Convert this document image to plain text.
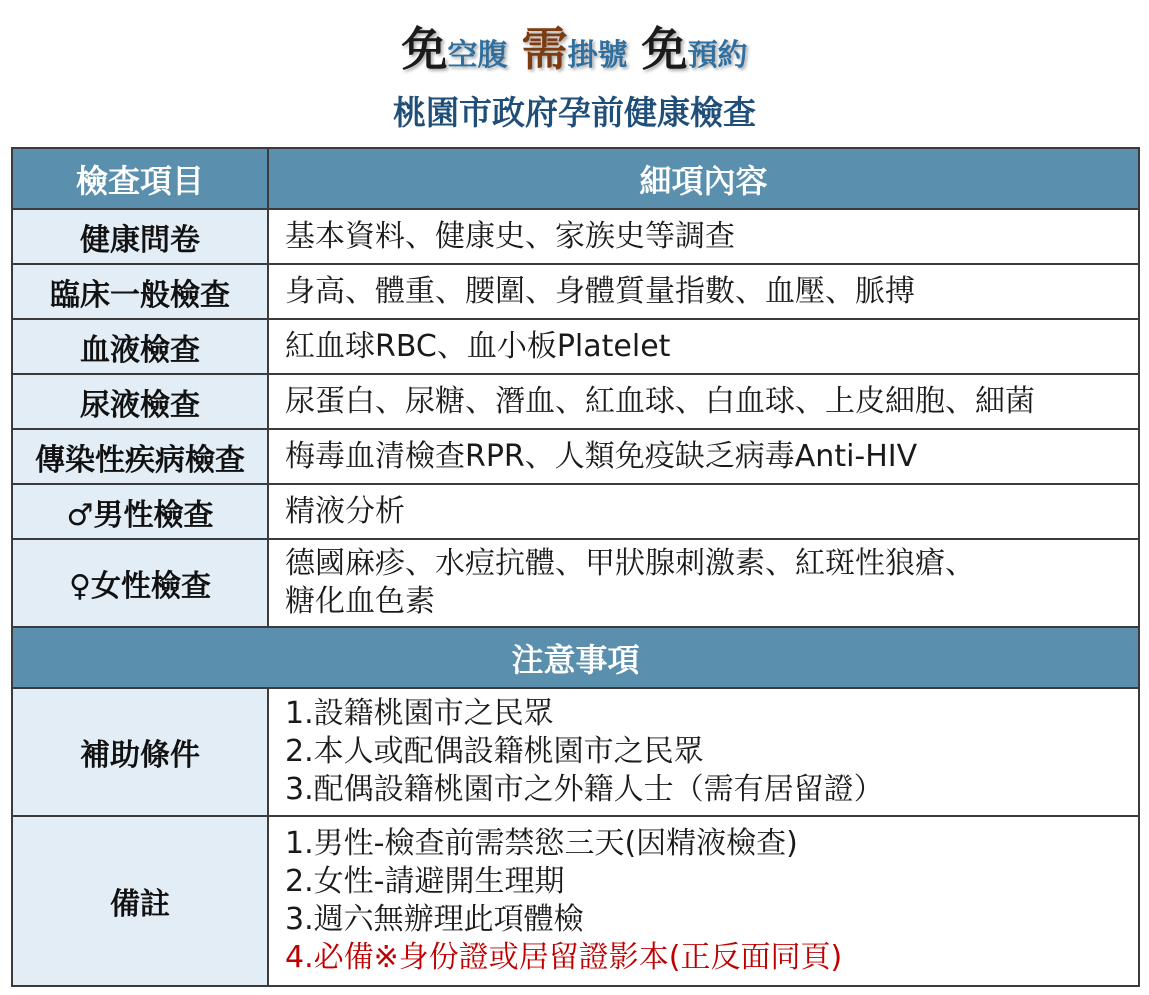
免空腹 需掛號 免預約
桃園市政府孕前健康檢查
檢查項目	細項內容
健康問卷	基本資料、健康史、家族史等調查
臨床一般檢查	身高、體重、腰圍、身體質量指數、血壓、脈搏
血液檢查	紅血球RBC、血小板Platelet
尿液檢查	尿蛋白、尿糖、潛血、紅血球、白血球、上皮細胞、細菌
傳染性疾病檢查	梅毒血清檢查RPR、人類免疫缺乏病毒Anti-HIV
♂男性檢查	精液分析
♀女性檢查	德國麻疹、水痘抗體、甲狀腺刺激素、紅斑性狼瘡、
糖化血色素

注意事項	
補助條件	1.設籍桃園市之民眾
2.本人或配偶設籍桃園市之民眾
3.配偶設籍桃園市之外籍人士（需有居留證）

備註	1.男性-檢查前需禁慾三天(因精液檢查)
2.女性-請避開生理期
3.週六無辦理此項體檢
4.必備※身份證或居留證影本(正反面同頁)
